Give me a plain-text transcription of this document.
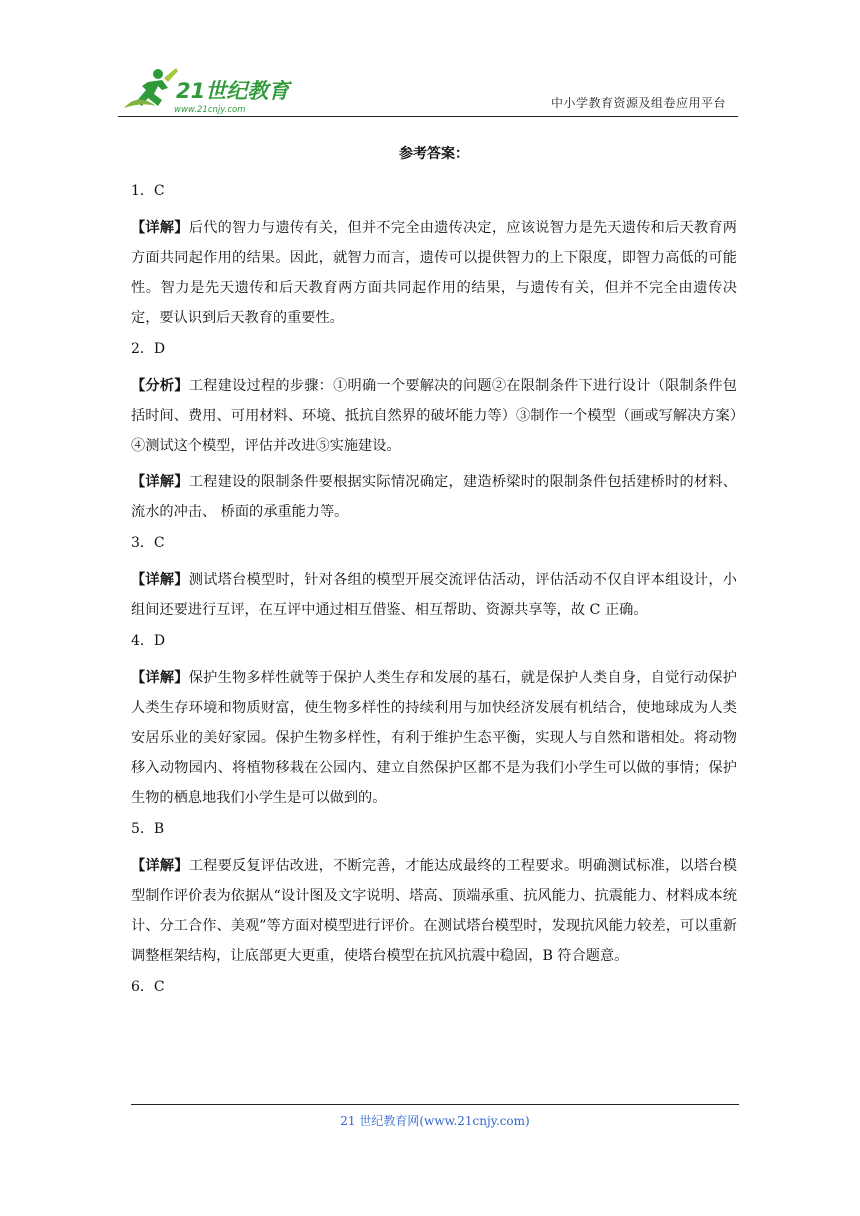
21世纪教育
www.21cnjy.com	中小学教育资源及组卷应用平台
参考答案：
1．C

【详解】后代的智力与遗传有关，但并不完全由遗传决定，应该说智力是先天遗传和后天教育两方面共同起作用的结果。因此，就智力而言，遗传可以提供智力的上下限度，即智力高低的可能性。智力是先天遗传和后天教育两方面共同起作用的结果，与遗传有关，但并不完全由遗传决定，要认识到后天教育的重要性。

2．D

【分析】工程建设过程的步骤：①明确一个要解决的问题②在限制条件下进行设计（限制条件包括时间、费用、可用材料、环境、抵抗自然界的破坏能力等）③制作一个模型（画或写解决方案）④测试这个模型，评估并改进⑤实施建设。

【详解】工程建设的限制条件要根据实际情况确定，建造桥梁时的限制条件包括建桥时的材料、流水的冲击、 桥面的承重能力等。

3．C

【详解】测试塔台模型时，针对各组的模型开展交流评估活动，评估活动不仅自评本组设计，小组间还要进行互评，在互评中通过相互借鉴、相互帮助、资源共享等，故 C 正确。

4．D

【详解】保护生物多样性就等于保护人类生存和发展的基石，就是保护人类自身，自觉行动保护人类生存环境和物质财富，使生物多样性的持续利用与加快经济发展有机结合，使地球成为人类安居乐业的美好家园。保护生物多样性，有利于维护生态平衡，实现人与自然和谐相处。将动物移入动物园内、将植物移栽在公园内、建立自然保护区都不是为我们小学生可以做的事情；保护生物的栖息地我们小学生是可以做到的。

5．B

【详解】工程要反复评估改进，不断完善，才能达成最终的工程要求。明确测试标准，以塔台模型制作评价表为依据从“设计图及文字说明、塔高、顶端承重、抗风能力、抗震能力、材料成本统计、分工合作、美观”等方面对模型进行评价。在测试塔台模型时，发现抗风能力较差，可以重新调整框架结构，让底部更大更重，使塔台模型在抗风抗震中稳固，B 符合题意。

6．C
21 世纪教育网(www.21cnjy.com)
